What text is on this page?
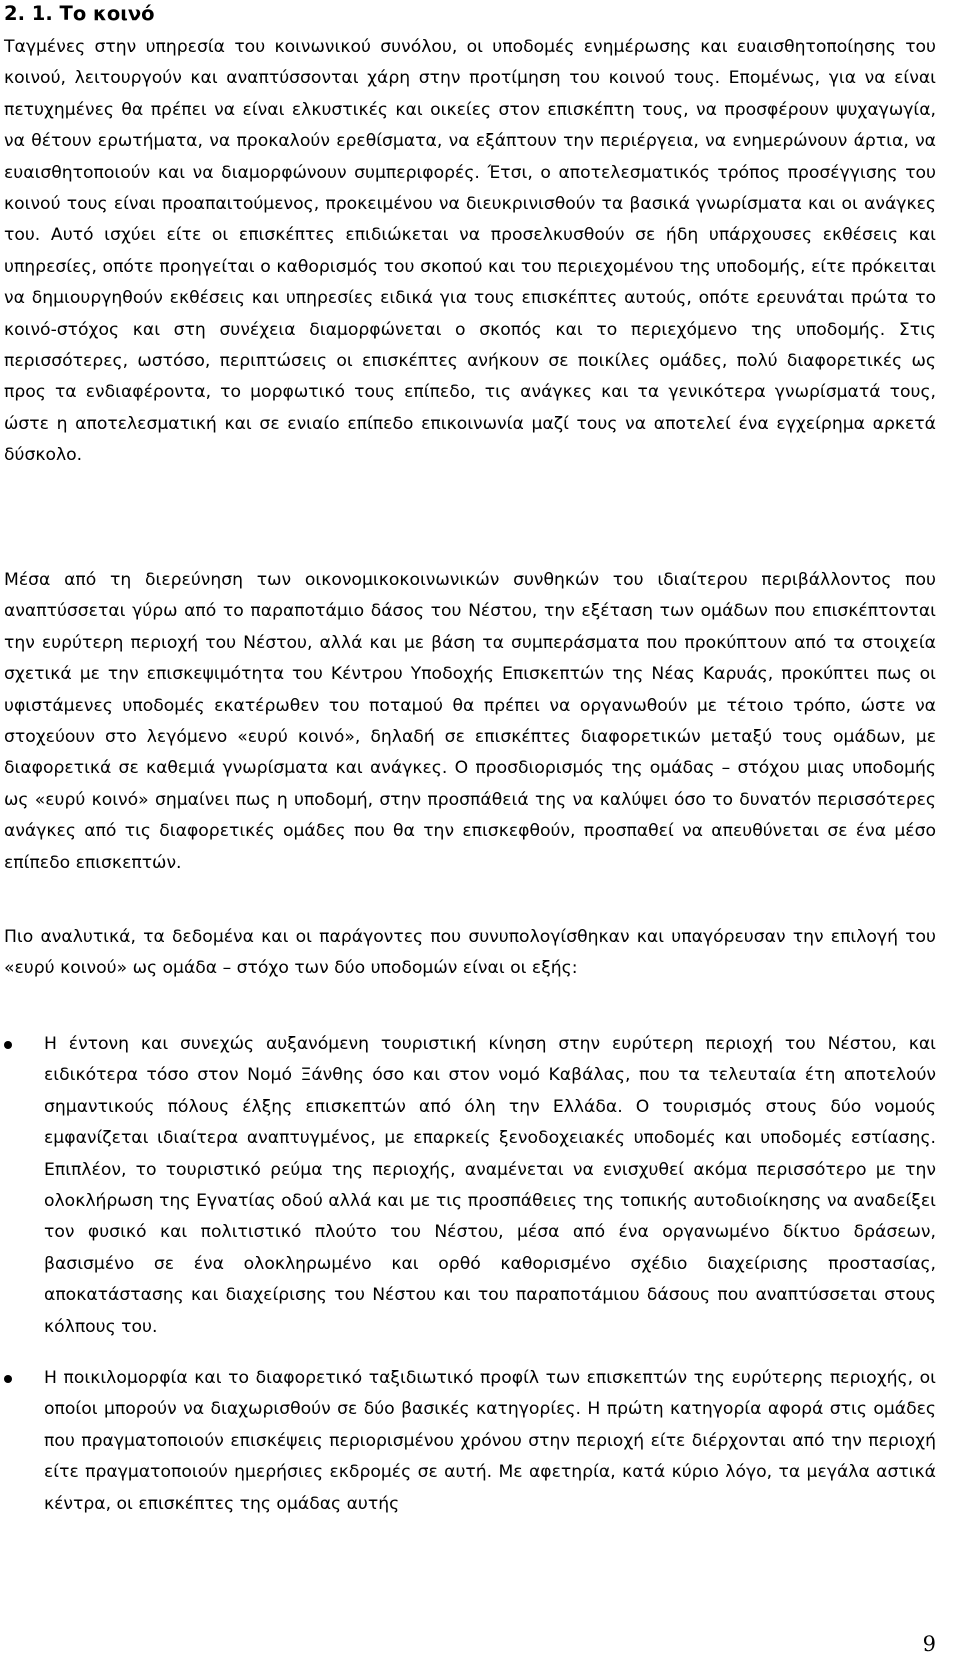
2. 1. Το κοινό

Ταγμένες στην υπηρεσία του κοινωνικού συνόλου, οι υποδομές ενημέρωσης και ευαισθητοποίησης του κοινού, λειτουργούν και αναπτύσσονται χάρη στην προτίμηση του κοινού τους. Επομένως, για να είναι πετυχημένες θα πρέπει να είναι ελκυστικές και οικείες στον επισκέπτη τους, να προσφέρουν ψυχαγωγία, να θέτουν ερωτήματα, να προκαλούν ερεθίσματα, να εξάπτουν την περιέργεια, να ενημερώνουν άρτια, να ευαισθητοποιούν και να διαμορφώνουν συμπεριφορές. Έτσι, ο αποτελεσματικός τρόπος προσέγγισης του κοινού τους είναι προαπαιτούμενος, προκειμένου να διευκρινισθούν τα βασικά γνωρίσματα και οι ανάγκες του. Αυτό ισχύει είτε οι επισκέπτες επιδιώκεται να προσελκυσθούν σε ήδη υπάρχουσες εκθέσεις και υπηρεσίες, οπότε προηγείται ο καθορισμός του σκοπού και του περιεχομένου της υποδομής, είτε πρόκειται να δημιουργηθούν εκθέσεις και υπηρεσίες ειδικά για τους επισκέπτες αυτούς, οπότε ερευνάται πρώτα το κοινό-στόχος και στη συνέχεια διαμορφώνεται ο σκοπός και το περιεχόμενο της υποδομής. Στις περισσότερες, ωστόσο, περιπτώσεις οι επισκέπτες ανήκουν σε ποικίλες ομάδες, πολύ διαφορετικές ως προς τα ενδιαφέροντα, το μορφωτικό τους επίπεδο, τις ανάγκες και τα γενικότερα γνωρίσματά τους, ώστε η αποτελεσματική και σε ενιαίο επίπεδο επικοινωνία μαζί τους να αποτελεί ένα εγχείρημα αρκετά δύσκολο.

Μέσα από τη διερεύνηση των οικονομικοκοινωνικών συνθηκών του ιδιαίτερου περιβάλλοντος που αναπτύσσεται γύρω από το παραποτάμιο δάσος του Νέστου, την εξέταση των ομάδων που επισκέπτονται την ευρύτερη περιοχή του Νέστου, αλλά και με βάση τα συμπεράσματα που προκύπτουν από τα στοιχεία σχετικά με την επισκεψιμότητα του Κέντρου Υποδοχής Επισκεπτών της Νέας Καρυάς, προκύπτει πως οι υφιστάμενες υποδομές εκατέρωθεν του ποταμού θα πρέπει να οργανωθούν με τέτοιο τρόπο, ώστε να στοχεύουν στο λεγόμενο «ευρύ κοινό», δηλαδή σε επισκέπτες διαφορετικών μεταξύ τους ομάδων, με διαφορετικά σε καθεμιά γνωρίσματα και ανάγκες. Ο προσδιορισμός της ομάδας – στόχου μιας υποδομής ως «ευρύ κοινό» σημαίνει πως η υποδομή, στην προσπάθειά της να καλύψει όσο το δυνατόν περισσότερες ανάγκες από τις διαφορετικές ομάδες που θα την επισκεφθούν, προσπαθεί να απευθύνεται σε ένα μέσο επίπεδο επισκεπτών.

Πιο αναλυτικά, τα δεδομένα και οι παράγοντες που συνυπολογίσθηκαν και υπαγόρευσαν την επιλογή του «ευρύ κοινού» ως ομάδα – στόχο των δύο υποδομών είναι οι εξής:

Η έντονη και συνεχώς αυξανόμενη τουριστική κίνηση στην ευρύτερη περιοχή του Νέστου, και ειδικότερα τόσο στον Νομό Ξάνθης όσο και στον νομό Καβάλας, που τα τελευταία έτη αποτελούν σημαντικούς πόλους έλξης επισκεπτών από όλη την Ελλάδα. Ο τουρισμός στους δύο νομούς εμφανίζεται ιδιαίτερα αναπτυγμένος, με επαρκείς ξενοδοχειακές υποδομές και υποδομές εστίασης. Επιπλέον, το τουριστικό ρεύμα της περιοχής, αναμένεται να ενισχυθεί ακόμα περισσότερο με την ολοκλήρωση της Εγνατίας οδού αλλά και με τις προσπάθειες της τοπικής αυτοδιοίκησης να αναδείξει τον φυσικό και πολιτιστικό πλούτο του Νέστου, μέσα από ένα οργανωμένο δίκτυο δράσεων, βασισμένο σε ένα ολοκληρωμένο και ορθό καθορισμένο σχέδιο διαχείρισης προστασίας, αποκατάστασης και διαχείρισης του Νέστου και του παραποτάμιου δάσους που αναπτύσσεται στους κόλπους του.
Η ποικιλομορφία και το διαφορετικό ταξιδιωτικό προφίλ των επισκεπτών της ευρύτερης περιοχής, οι οποίοι μπορούν να διαχωρισθούν σε δύο βασικές κατηγορίες. Η πρώτη κατηγορία αφορά στις ομάδες που πραγματοποιούν επισκέψεις περιορισμένου χρόνου στην περιοχή είτε διέρχονται από την περιοχή είτε πραγματοποιούν ημερήσιες εκδρομές σε αυτή. Με αφετηρία, κατά κύριο λόγο, τα μεγάλα αστικά κέντρα, οι επισκέπτες της ομάδας αυτής
9
